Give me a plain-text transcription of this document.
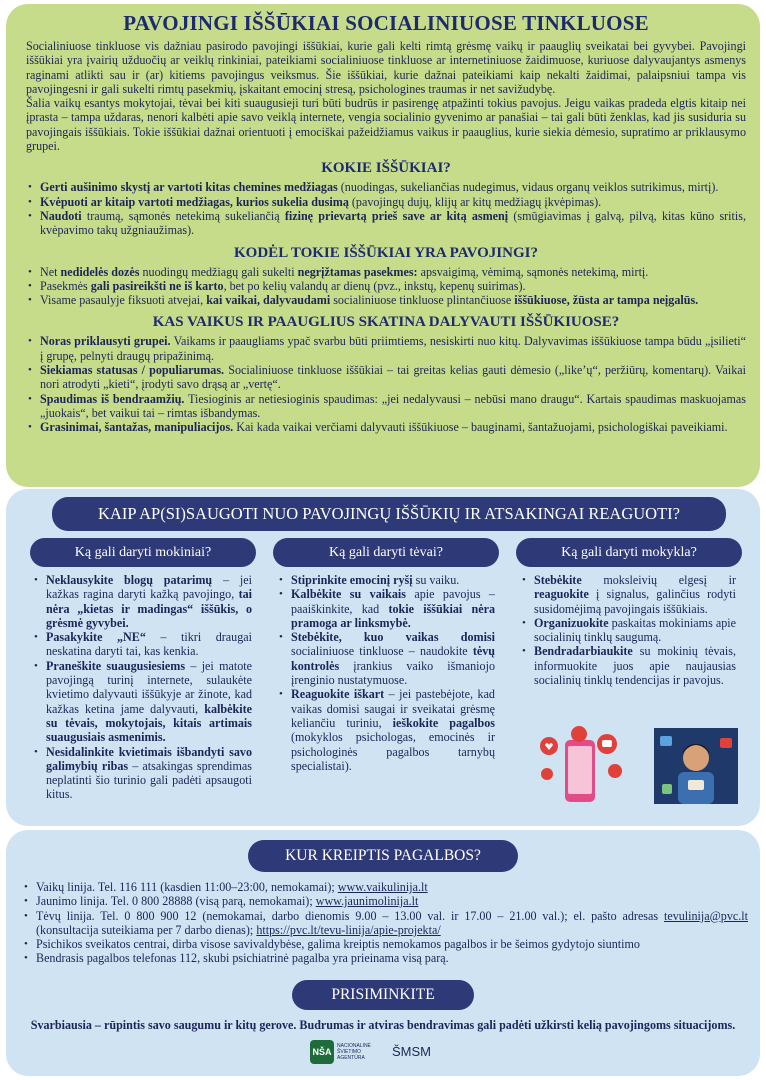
PAVOJINGI IŠŠŪKIAI SOCIALINIUOSE TINKLUOSE
Socialiniuose tinkluose vis dažniau pasirodo pavojingi iššūkiai, kurie gali kelti rimtą grėsmę vaikų ir paauglių sveikatai bei gyvybei. Pavojingi iššūkiai yra įvairių užduočių ar veiklų rinkiniai, pateikiami socialiniuose tinkluose ar internetiniuose žaidimuose, kuriuose dalyvaujantys asmenys raginami atlikti sau ir (ar) kitiems pavojingus veiksmus. Šie iššūkiai, kurie dažnai pateikiami kaip nekalti žaidimai, palaipsniui tampa vis pavojingesni ir gali sukelti rimtų pasekmių, įskaitant emocinį stresą, psichologines traumas ir net savižudybę.
Šalia vaikų esantys mokytojai, tėvai bei kiti suaugusieji turi būti budrūs ir pasirengę atpažinti tokius pavojus. Jeigu vaikas pradeda elgtis kitaip nei įprasta – tampa uždaras, nenori kalbėti apie savo veiklą internete, vengia socialinio gyvenimo ar panašiai – tai gali būti ženklas, kad jis susiduria su pavojingais iššūkiais. Tokie iššūkiai dažnai orientuoti į emociškai pažeidžiamus vaikus ir paauglius, kurie siekia dėmesio, supratimo ar priklausymo grupei.
KOKIE IŠŠŪKIAI?
• Gerti aušinimo skystį ar vartoti kitas chemines medžiagas (nuodingas, sukeliančias nudegimus, vidaus organų veiklos sutrikimus, mirtį).
• Kvėpuoti ar kitaip vartoti medžiagas, kurios sukelia dusimą (pavojingų dujų, klijų ar kitų medžiagų įkvėpimas).
• Naudoti traumą, sąmonės netekimą sukeliančią fizinę prievartą prieš save ar kitą asmenį (smūgiavimas į galvą, pilvą, kitas kūno sritis, kvėpavimo takų užgniaužimas).
KODĖL TOKIE IŠŠŪKIAI YRA PAVOJINGI?
• Net nedidelės dozės nuodingų medžiagų gali sukelti negrįžtamas pasekmes: apsvaigimą, vėmimą, sąmonės netekimą, mirtį.
• Pasekmės gali pasireikšti ne iš karto, bet po kelių valandų ar dienų (pvz., inkstų, kepenų suirimas).
• Visame pasaulyje fiksuoti atvejai, kai vaikai, dalyvaudami socialiniuose tinkluose plintančiuose iššūkiuose, žūsta ar tampa neįgalūs.
KAS VAIKUS IR PAAUGLIUS SKATINA DALYVAUTI IŠŠŪKIUOSE?
• Noras priklausyti grupei. Vaikams ir paaugliams ypač svarbu būti priimtiems, nesiskirti nuo kitų. Dalyvavimas iššūkiuose tampa būdu „įsilieti“ į grupę, pelnyti draugų pripažinimą.
• Siekiamas statusas / populiarumas. Socialiniuose tinkluose iššūkiai – tai greitas kelias gauti dėmesio („like’ų“, peržiūrų, komentarų). Vaikai nori atrodyti „kieti“, įrodyti savo drąsą ar „vertę“.
• Spaudimas iš bendraamžių. Tiesioginis ar netiesioginis spaudimas: „jei nedalyvausi – nebūsi mano draugu“. Kartais spaudimas maskuojamas „juokais“, bet vaikui tai – rimtas išbandymas.
• Grasinimai, šantažas, manipuliacijos. Kai kada vaikai verčiami dalyvauti iššūkiuose – bauginami, šantažuojami, psichologiškai paveikiami.
KAIP AP(SI)SAUGOTI NUO PAVOJINGŲ IŠŠŪKIŲ IR ATSAKINGAI REAGUOTI?
Ką gali daryti mokiniai?	Ką gali daryti tėvai?	Ką gali daryti mokykla?
• Neklausykite blogų patarimų – jei kažkas ragina daryti kažką pavojingo, tai nėra „kietas ir madingas“ iššūkis, o grėsmė gyvybei.
• Pasakykite „NE“ – tikri draugai neskatina daryti tai, kas kenkia.
• Praneškite suaugusiesiems – jei matote pavojingą turinį internete, sulaukėte kvietimo dalyvauti iššūkyje ar žinote, kad kažkas ketina jame dalyvauti, kalbėkite su tėvais, mokytojais, kitais artimais suaugusiais asmenimis.
• Nesidalinkite kvietimais išbandyti savo galimybių ribas – atsakingas sprendimas neplatinti šio turinio gali padėti apsaugoti kitus.
• Stiprinkite emocinį ryšį su vaiku.
• Kalbėkite su vaikais apie pavojus – paaiškinkite, kad tokie iššūkiai nėra pramoga ar linksmybė.
• Stebėkite, kuo vaikas domisi socialiniuose tinkluose – naudokite tėvų kontrolės įrankius vaiko išmaniojo įrenginio nustatymuose.
• Reaguokite iškart – jei pastebėjote, kad vaikas domisi saugai ir sveikatai grėsmę keliančiu turiniu, ieškokite pagalbos (mokyklos psichologas, emocinės ir psichologinės pagalbos tarnybų specialistai).
• Stebėkite moksleivių elgesį ir reaguokite į signalus, galinčius rodyti susidomėjimą pavojingais iššūkiais.
• Organizuokite paskaitas mokiniams apie socialinių tinklų saugumą.
• Bendradarbiaukite su mokinių tėvais, informuokite juos apie naujausias socialinių tinklų tendencijas ir pavojus.
KUR KREIPTIS PAGALBOS?
• Vaikų linija. Tel. 116 111 (kasdien 11:00–23:00, nemokamai); www.vaikulinija.lt
• Jaunimo linija. Tel. 0 800 28888 (visą parą, nemokamai); www.jaunimolinija.lt
• Tėvų linija. Tel. 0 800 900 12 (nemokamai, darbo dienomis 9.00 – 13.00 val. ir 17.00 – 21.00 val.); el. pašto adresas tevulinija@pvc.lt (konsultacija suteikiama per 7 darbo dienas); https://pvc.lt/tevu-linija/apie-projekta/
• Psichikos sveikatos centrai, dirba visose savivaldybėse, galima kreiptis nemokamos pagalbos ir be šeimos gydytojo siuntimo
• Bendrasis pagalbos telefonas 112, skubi psichiatrinė pagalba yra prieinama visą parą.
PRISIMINKITE
Svarbiausia – rūpintis savo saugumu ir kitų gerove. Budrumas ir atviras bendravimas gali padėti užkirsti kelią pavojingoms situacijoms.
NŠA
NACIONALINĖ ŠVIETIMO AGENTŪRA	ŠMSM
